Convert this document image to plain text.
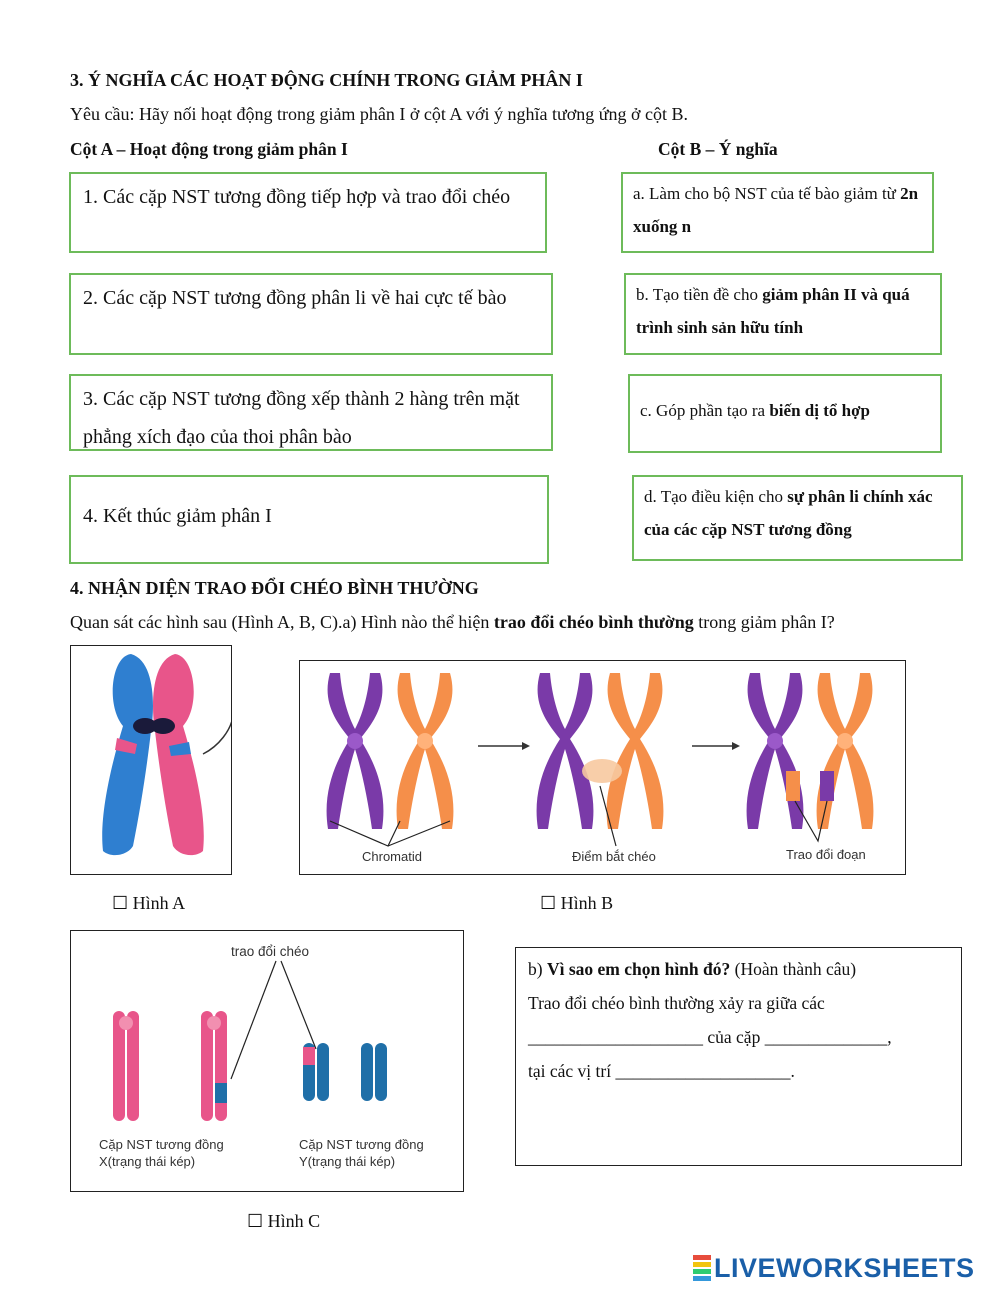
3. Ý NGHĨA CÁC HOẠT ĐỘNG CHÍNH TRONG GIẢM PHÂN I
Yêu cầu: Hãy nối hoạt động trong giảm phân I ở cột A với ý nghĩa tương ứng ở cột B.
Cột A – Hoạt động trong giảm phân I	Cột B – Ý nghĩa
1. Các cặp NST tương đồng tiếp hợp và trao đổi chéo
2. Các cặp NST tương đồng phân li về hai cực tế bào
3. Các cặp NST tương đồng xếp thành 2 hàng trên mặt phẳng xích đạo của thoi phân bào
4. Kết thúc giảm phân I
a. Làm cho bộ NST của tế bào giảm từ 2n xuống n
b. Tạo tiền đề cho giảm phân II và quá trình sinh sản hữu tính
c. Góp phần tạo ra biến dị tổ hợp
d. Tạo điều kiện cho sự phân li chính xác của các cặp NST tương đồng
4. NHẬN DIỆN TRAO ĐỔI CHÉO BÌNH THƯỜNG
Quan sát các hình sau (Hình A, B, C).a) Hình nào thể hiện trao đổi chéo bình thường trong giảm phân I?
☐ Hình A
Chromatid	Điểm bắt chéo	Trao đổi đoạn
☐ Hình B
trao đổi chéo
Cặp NST tương đồng
X(trạng thái kép)
Cặp NST tương đồng
Y(trạng thái kép)
☐ Hình C
b) Vì sao em chọn hình đó? (Hoàn thành câu)
Trao đổi chéo bình thường xảy ra giữa các
____________________ của cặp ______________,
tại các vị trí ____________________.
LIVEWORKSHEETS
